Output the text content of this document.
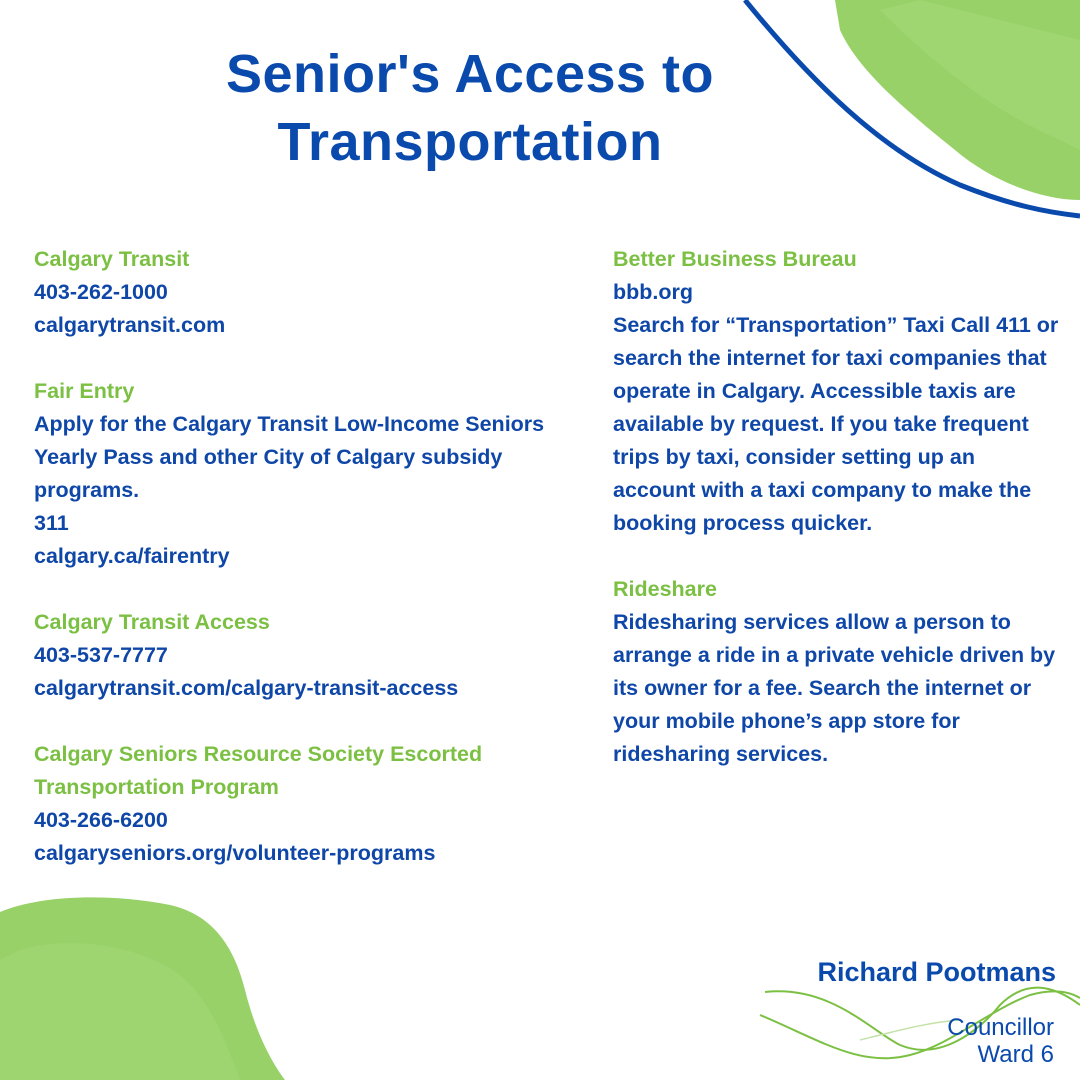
Senior's Access to
Transportation

Calgary Transit

403-262-1000

calgarytransit.com

Fair Entry

Apply for the Calgary Transit Low-Income Seniors Yearly Pass and other City of Calgary subsidy programs.

311

calgary.ca/fairentry

Calgary Transit Access

403-537-7777

calgarytransit.com/calgary-transit-access

Calgary Seniors Resource Society Escorted Transportation Program

403-266-6200

calgaryseniors.org/volunteer-programs

Better Business Bureau

bbb.org

Search for “Transportation” Taxi Call 411 or search the internet for taxi companies that operate in Calgary. Accessible taxis are available by request. If you take frequent trips by taxi, consider setting up an account with a taxi company to make the booking process quicker.

Rideshare

Ridesharing services allow a person to arrange a ride in a private vehicle driven by its owner for a fee. Search the internet or your mobile phone’s app store for ridesharing services.

Richard Pootmans
Councillor
Ward 6
